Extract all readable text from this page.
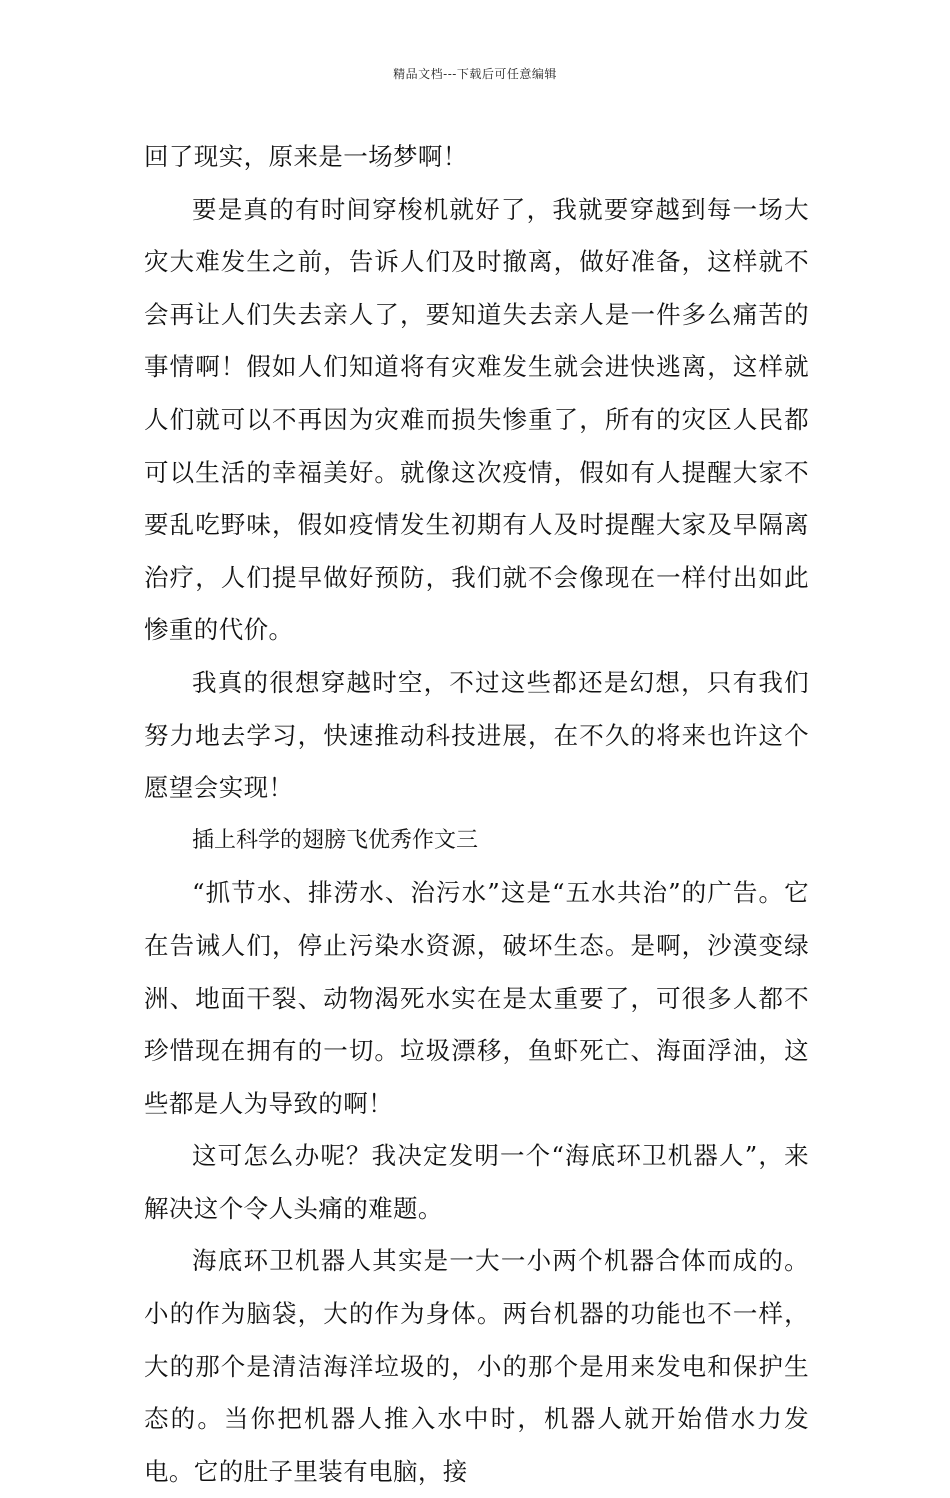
精品文档---下载后可任意编辑

回了现实，原来是一场梦啊！

要是真的有时间穿梭机就好了，我就要穿越到每一场大灾大难发生之前，告诉人们及时撤离，做好准备，这样就不会再让人们失去亲人了，要知道失去亲人是一件多么痛苦的事情啊！假如人们知道将有灾难发生就会进快逃离，这样就人们就可以不再因为灾难而损失惨重了，所有的灾区人民都可以生活的幸福美好。就像这次疫情，假如有人提醒大家不要乱吃野味，假如疫情发生初期有人及时提醒大家及早隔离治疗，人们提早做好预防，我们就不会像现在一样付出如此惨重的代价。

我真的很想穿越时空，不过这些都还是幻想，只有我们努力地去学习，快速推动科技进展，在不久的将来也许这个愿望会实现！

插上科学的翅膀飞优秀作文三

“抓节水、排涝水、治污水”这是“五水共治”的广告。它在告诫人们，停止污染水资源，破坏生态。是啊，沙漠变绿洲、地面干裂、动物渴死水实在是太重要了，可很多人都不珍惜现在拥有的一切。垃圾漂移，鱼虾死亡、海面浮油，这些都是人为导致的啊！

这可怎么办呢？我决定发明一个“海底环卫机器人”，来解决这个令人头痛的难题。

海底环卫机器人其实是一大一小两个机器合体而成的。小的作为脑袋，大的作为身体。两台机器的功能也不一样，大的那个是清洁海洋垃圾的，小的那个是用来发电和保护生态的。当你把机器人推入水中时，机器人就开始借水力发电。它的肚子里装有电脑，接
